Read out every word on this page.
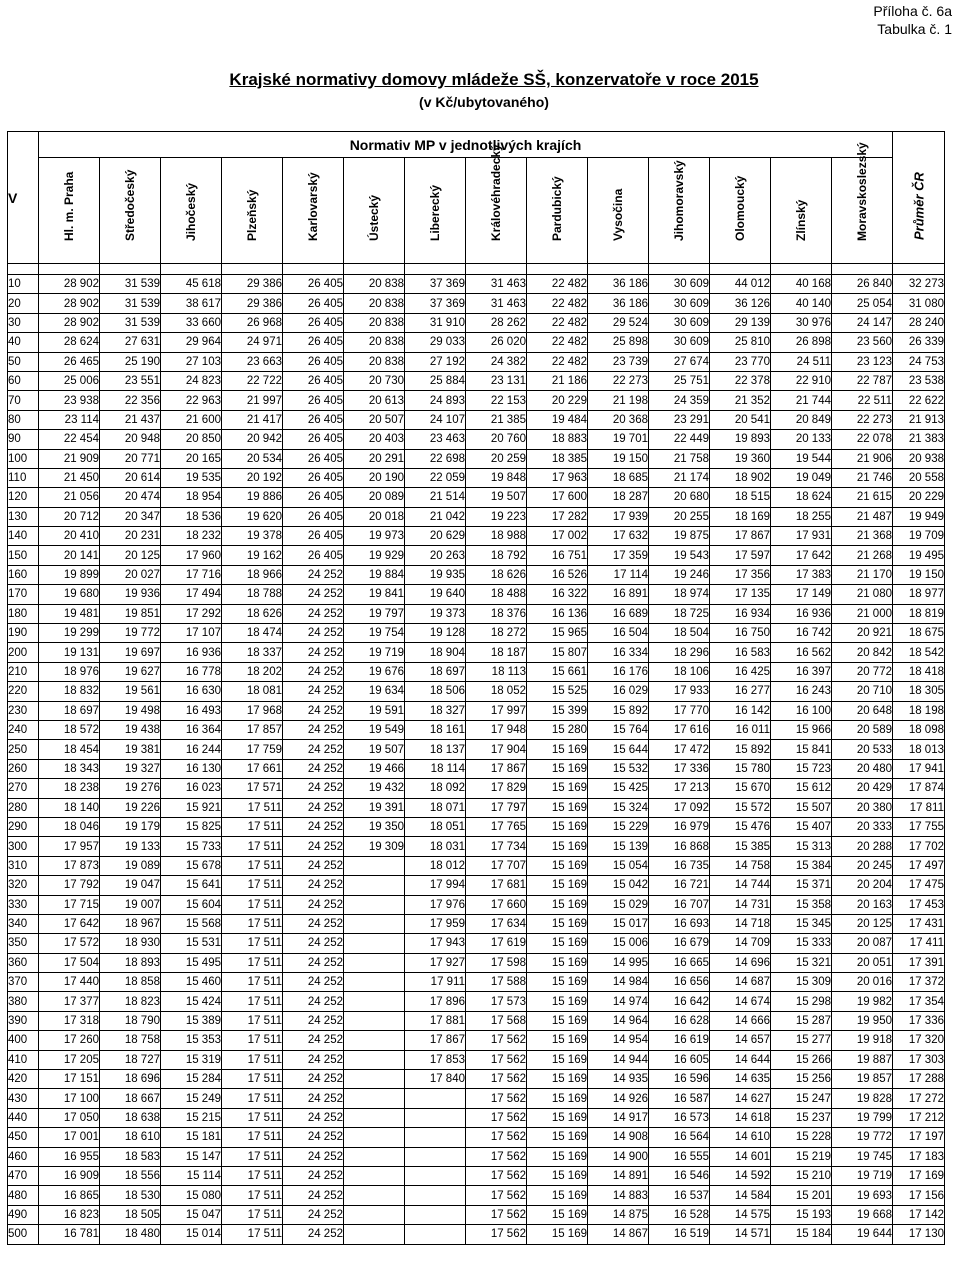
Příloha č. 6a
Tabulka č. 1
Krajské normativy domovy mládeže SŠ, konzervatoře v roce 2015
(v Kč/ubytovaného)
V	Normativ MP v jednotlivých krajích														Průměr ČR

	Hl. m. Praha	Středočeský	Jihočeský	Plzeňský	Karlovarský	Ústecký	Liberecký	Královéhradecký	Pardubický	Vysočina	Jihomoravský	Olomoucký	Zlínský	Moravskoslezský	

10	28 902	31 539	45 618	29 386	26 405	20 838	37 369	31 463	22 482	36 186	30 609	44 012	40 168	26 840	32 273
20	28 902	31 539	38 617	29 386	26 405	20 838	37 369	31 463	22 482	36 186	30 609	36 126	40 140	25 054	31 080
30	28 902	31 539	33 660	26 968	26 405	20 838	31 910	28 262	22 482	29 524	30 609	29 139	30 976	24 147	28 240
40	28 624	27 631	29 964	24 971	26 405	20 838	29 033	26 020	22 482	25 898	30 609	25 810	26 898	23 560	26 339
50	26 465	25 190	27 103	23 663	26 405	20 838	27 192	24 382	22 482	23 739	27 674	23 770	24 511	23 123	24 753
60	25 006	23 551	24 823	22 722	26 405	20 730	25 884	23 131	21 186	22 273	25 751	22 378	22 910	22 787	23 538
70	23 938	22 356	22 963	21 997	26 405	20 613	24 893	22 153	20 229	21 198	24 359	21 352	21 744	22 511	22 622
80	23 114	21 437	21 600	21 417	26 405	20 507	24 107	21 385	19 484	20 368	23 291	20 541	20 849	22 273	21 913
90	22 454	20 948	20 850	20 942	26 405	20 403	23 463	20 760	18 883	19 701	22 449	19 893	20 133	22 078	21 383
100	21 909	20 771	20 165	20 534	26 405	20 291	22 698	20 259	18 385	19 150	21 758	19 360	19 544	21 906	20 938
110	21 450	20 614	19 535	20 192	26 405	20 190	22 059	19 848	17 963	18 685	21 174	18 902	19 049	21 746	20 558
120	21 056	20 474	18 954	19 886	26 405	20 089	21 514	19 507	17 600	18 287	20 680	18 515	18 624	21 615	20 229
130	20 712	20 347	18 536	19 620	26 405	20 018	21 042	19 223	17 282	17 939	20 255	18 169	18 255	21 487	19 949
140	20 410	20 231	18 232	19 378	26 405	19 973	20 629	18 988	17 002	17 632	19 875	17 867	17 931	21 368	19 709
150	20 141	20 125	17 960	19 162	26 405	19 929	20 263	18 792	16 751	17 359	19 543	17 597	17 642	21 268	19 495
160	19 899	20 027	17 716	18 966	24 252	19 884	19 935	18 626	16 526	17 114	19 246	17 356	17 383	21 170	19 150
170	19 680	19 936	17 494	18 788	24 252	19 841	19 640	18 488	16 322	16 891	18 974	17 135	17 149	21 080	18 977
180	19 481	19 851	17 292	18 626	24 252	19 797	19 373	18 376	16 136	16 689	18 725	16 934	16 936	21 000	18 819
190	19 299	19 772	17 107	18 474	24 252	19 754	19 128	18 272	15 965	16 504	18 504	16 750	16 742	20 921	18 675
200	19 131	19 697	16 936	18 337	24 252	19 719	18 904	18 187	15 807	16 334	18 296	16 583	16 562	20 842	18 542
210	18 976	19 627	16 778	18 202	24 252	19 676	18 697	18 113	15 661	16 176	18 106	16 425	16 397	20 772	18 418
220	18 832	19 561	16 630	18 081	24 252	19 634	18 506	18 052	15 525	16 029	17 933	16 277	16 243	20 710	18 305
230	18 697	19 498	16 493	17 968	24 252	19 591	18 327	17 997	15 399	15 892	17 770	16 142	16 100	20 648	18 198
240	18 572	19 438	16 364	17 857	24 252	19 549	18 161	17 948	15 280	15 764	17 616	16 011	15 966	20 589	18 098
250	18 454	19 381	16 244	17 759	24 252	19 507	18 137	17 904	15 169	15 644	17 472	15 892	15 841	20 533	18 013
260	18 343	19 327	16 130	17 661	24 252	19 466	18 114	17 867	15 169	15 532	17 336	15 780	15 723	20 480	17 941
270	18 238	19 276	16 023	17 571	24 252	19 432	18 092	17 829	15 169	15 425	17 213	15 670	15 612	20 429	17 874
280	18 140	19 226	15 921	17 511	24 252	19 391	18 071	17 797	15 169	15 324	17 092	15 572	15 507	20 380	17 811
290	18 046	19 179	15 825	17 511	24 252	19 350	18 051	17 765	15 169	15 229	16 979	15 476	15 407	20 333	17 755
300	17 957	19 133	15 733	17 511	24 252	19 309	18 031	17 734	15 169	15 139	16 868	15 385	15 313	20 288	17 702
310	17 873	19 089	15 678	17 511	24 252		18 012	17 707	15 169	15 054	16 735	14 758	15 384	20 245	17 497
320	17 792	19 047	15 641	17 511	24 252		17 994	17 681	15 169	15 042	16 721	14 744	15 371	20 204	17 475
330	17 715	19 007	15 604	17 511	24 252		17 976	17 660	15 169	15 029	16 707	14 731	15 358	20 163	17 453
340	17 642	18 967	15 568	17 511	24 252		17 959	17 634	15 169	15 017	16 693	14 718	15 345	20 125	17 431
350	17 572	18 930	15 531	17 511	24 252		17 943	17 619	15 169	15 006	16 679	14 709	15 333	20 087	17 411
360	17 504	18 893	15 495	17 511	24 252		17 927	17 598	15 169	14 995	16 665	14 696	15 321	20 051	17 391
370	17 440	18 858	15 460	17 511	24 252		17 911	17 588	15 169	14 984	16 656	14 687	15 309	20 016	17 372
380	17 377	18 823	15 424	17 511	24 252		17 896	17 573	15 169	14 974	16 642	14 674	15 298	19 982	17 354
390	17 318	18 790	15 389	17 511	24 252		17 881	17 568	15 169	14 964	16 628	14 666	15 287	19 950	17 336
400	17 260	18 758	15 353	17 511	24 252		17 867	17 562	15 169	14 954	16 619	14 657	15 277	19 918	17 320
410	17 205	18 727	15 319	17 511	24 252		17 853	17 562	15 169	14 944	16 605	14 644	15 266	19 887	17 303
420	17 151	18 696	15 284	17 511	24 252		17 840	17 562	15 169	14 935	16 596	14 635	15 256	19 857	17 288
430	17 100	18 667	15 249	17 511	24 252			17 562	15 169	14 926	16 587	14 627	15 247	19 828	17 272
440	17 050	18 638	15 215	17 511	24 252			17 562	15 169	14 917	16 573	14 618	15 237	19 799	17 212
450	17 001	18 610	15 181	17 511	24 252			17 562	15 169	14 908	16 564	14 610	15 228	19 772	17 197
460	16 955	18 583	15 147	17 511	24 252			17 562	15 169	14 900	16 555	14 601	15 219	19 745	17 183
470	16 909	18 556	15 114	17 511	24 252			17 562	15 169	14 891	16 546	14 592	15 210	19 719	17 169
480	16 865	18 530	15 080	17 511	24 252			17 562	15 169	14 883	16 537	14 584	15 201	19 693	17 156
490	16 823	18 505	15 047	17 511	24 252			17 562	15 169	14 875	16 528	14 575	15 193	19 668	17 142
500	16 781	18 480	15 014	17 511	24 252			17 562	15 169	14 867	16 519	14 571	15 184	19 644	17 130
